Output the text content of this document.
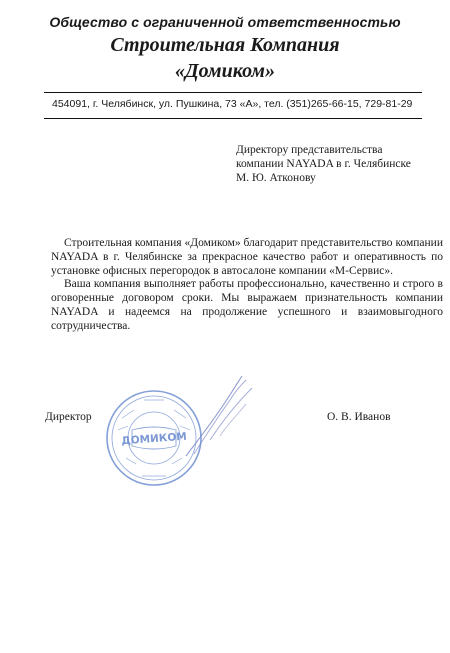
Общество с ограниченной ответственностью
Строительная Компания
«Домиком»
454091, г. Челябинск, ул. Пушкина, 73 «А», тел. (351)265-66-15, 729-81-29
Директору представительства
компании NAYADA в г. Челябинске
М. Ю. Атконову

Строительная компания «Домиком» благодарит представительство компании NAYADA в г. Челябинске за прекрасное качество работ и оперативность по установке офисных перегородок в автосалоне компании «М-Сервис».

Ваша компания выполняет работы профессионально, качественно и строго в оговоренные договором сроки. Мы выражаем признательность компании NAYADA и надеемся на продолжение успешного и взаимовыгодного сотрудничества.

Директор
ДОМИКОМ
О. В. Иванов
